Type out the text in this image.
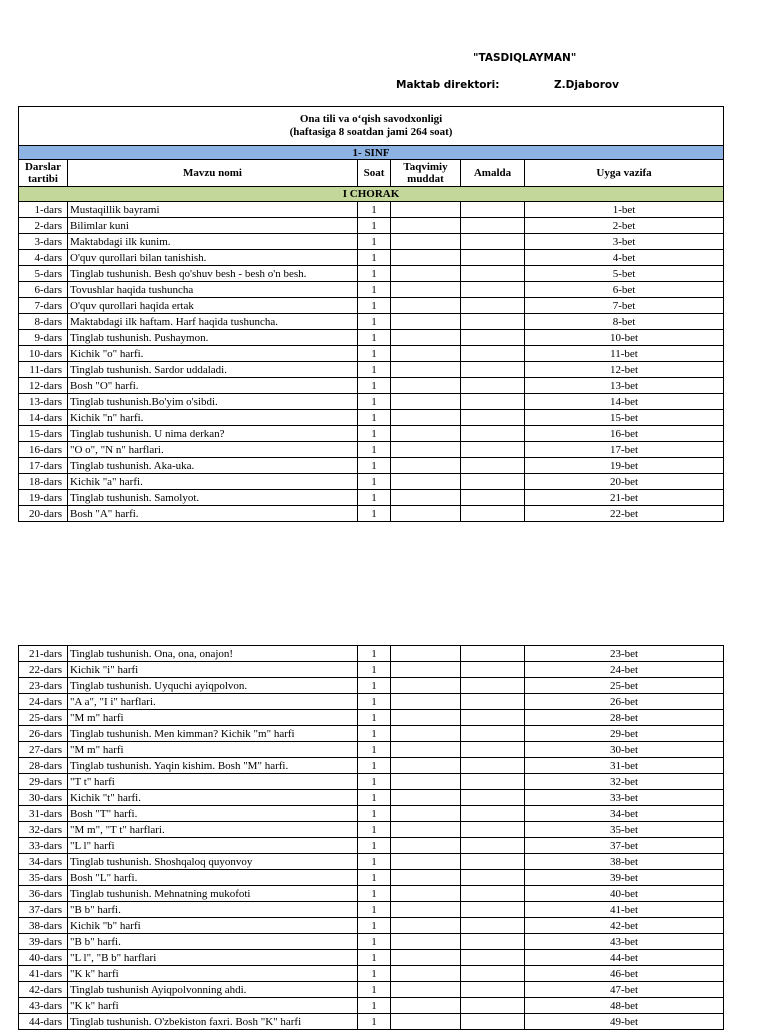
"TASDIQLAYMAN"
Maktab direktori:	Z.Djaborov
Ona tili va o‘qish savodxonligi
(haftasiga 8 soatdan jami 264 soat)					

1- SINF					
Darslar tartibi	Mavzu nomi	Soat	Taqvimiy muddat	Amalda	Uyga vazifa
I CHORAK					
1-dars	Mustaqillik bayrami	1			1-bet
2-dars	Bilimlar kuni	1			2-bet
3-dars	Maktabdagi ilk kunim.	1			3-bet
4-dars	O'quv qurollari bilan tanishish.	1			4-bet
5-dars	Tinglab tushunish. Besh qo'shuv besh - besh o'n besh.	1			5-bet
6-dars	Tovushlar haqida tushuncha	1			6-bet
7-dars	O'quv qurollari haqida ertak	1			7-bet
8-dars	Maktabdagi ilk haftam. Harf haqida tushuncha.	1			8-bet
9-dars	Tinglab tushunish. Pushaymon.	1			10-bet
10-dars	Kichik "o" harfi.	1			11-bet
11-dars	Tinglab tushunish. Sardor uddaladi.	1			12-bet
12-dars	Bosh "O" harfi.	1			13-bet
13-dars	Tinglab tushunish.Bo'yim o'sibdi.	1			14-bet
14-dars	Kichik "n" harfi.	1			15-bet
15-dars	Tinglab tushunish. U nima derkan?	1			16-bet
16-dars	"O o", "N n" harflari.	1			17-bet
17-dars	Tinglab tushunish. Aka-uka.	1			19-bet
18-dars	Kichik "a" harfi.	1			20-bet
19-dars	Tinglab tushunish. Samolyot.	1			21-bet
20-dars	Bosh "A" harfi.	1			22-bet
21-dars	Tinglab tushunish. Ona, ona, onajon!	1			23-bet
22-dars	Kichik "i" harfi	1			24-bet
23-dars	Tinglab tushunish. Uyquchi ayiqpolvon.	1			25-bet
24-dars	"A a", "I i" harflari.	1			26-bet
25-dars	"M m" harfi	1			28-bet
26-dars	Tinglab tushunish. Men kimman? Kichik "m" harfi	1			29-bet
27-dars	"M m" harfi	1			30-bet
28-dars	Tinglab tushunish. Yaqin kishim. Bosh "M" harfi.	1			31-bet
29-dars	"T t" harfi	1			32-bet
30-dars	Kichik "t" harfi.	1			33-bet
31-dars	Bosh "T" harfi.	1			34-bet
32-dars	"M m", "T t" harflari.	1			35-bet
33-dars	"L l" harfi	1			37-bet
34-dars	Tinglab tushunish. Shoshqaloq quyonvoy	1			38-bet
35-dars	Bosh "L" harfi.	1			39-bet
36-dars	Tinglab tushunish. Mehnatning mukofoti	1			40-bet
37-dars	"B b" harfi.	1			41-bet
38-dars	Kichik "b" harfi	1			42-bet
39-dars	"B b" harfi.	1			43-bet
40-dars	"L l", "B b" harflari	1			44-bet
41-dars	"K k" harfi	1			46-bet
42-dars	Tinglab tushunish Ayiqpolvonning ahdi.	1			47-bet
43-dars	"K k" harfi	1			48-bet
44-dars	Tinglab tushunish. O'zbekiston faxri. Bosh "K" harfi	1			49-bet
